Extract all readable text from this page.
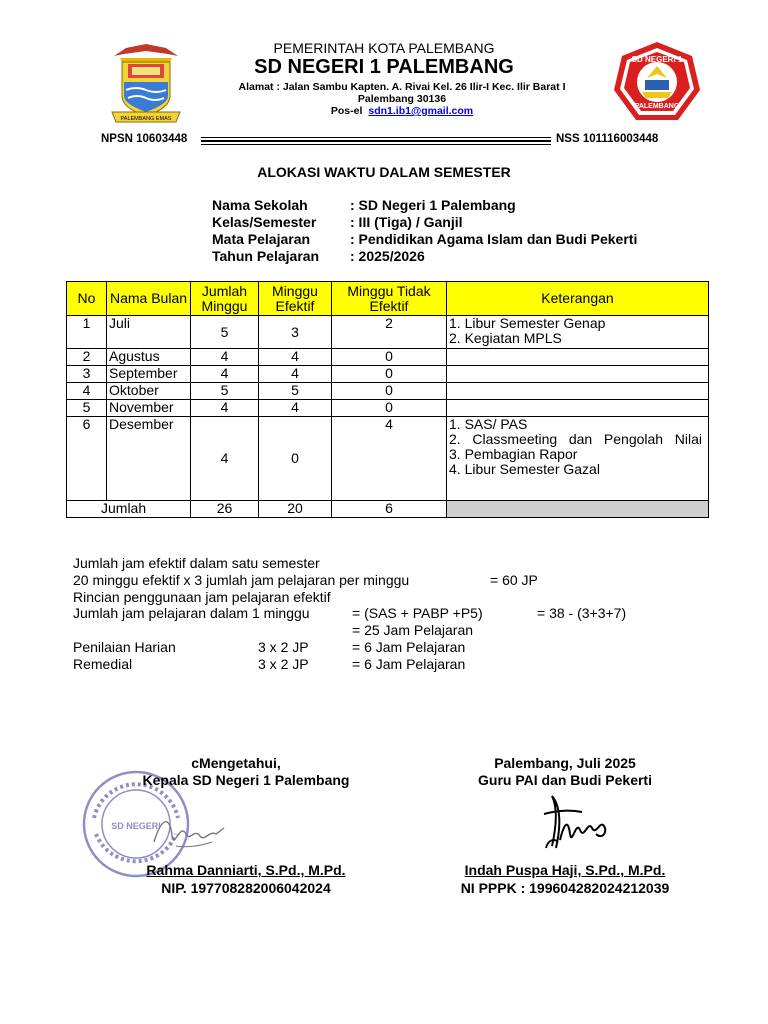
PALEMBANG EMAS
SD NEGERI 1
PALEMBANG
PEMERINTAH KOTA PALEMBANG
SD NEGERI 1 PALEMBANG
Alamat : Jalan Sambu Kapten. A. Rivai Kel. 26 Ilir-I Kec. Ilir Barat I
Palembang 30136
Pos-el sdn1.ib1@gmail.com
NPSN 10603448	NSS 101116003448
ALOKASI WAKTU DALAM SEMESTER
Nama Sekolah	: SD Negeri 1 Palembang
Kelas/Semester : III (Tiga) / Ganjil
Mata Pelajaran	: Pendidikan Agama Islam dan Budi Pekerti
Tahun Pelajaran : 2025/2026
No	Nama Bulan	Jumlah Minggu	Minggu Efektif	Minggu Tidak Efektif	Keterangan
1	Juli	5	3	2	1. Libur Semester Genap
2. Kegiatan MPLS

2	Agustus	4	4	0	
3	September	4	4	0	
4	Oktober	5	5	0	
5	November	4	4	0	
6	Desember	4	0	4	1. SAS/ PAS
2. Classmeeting dan Pengolah Nilai
3. Pembagian Rapor
4. Libur Semester Gazal

Jumlah		26	20	6	
Jumlah jam efektif dalam satu semester
20 minggu efektif x 3 jumlah jam pelajaran per minggu	= 60 JP
Rincian penggunaan jam pelajaran efektif
Jumlah jam pelajaran dalam 1 minggu	= (SAS + PABP +P5)	= 38 - (3+3+7)
= 25 Jam Pelajaran
Penilaian Harian	3 x 2 JP	= 6 Jam Pelajaran
Remedial	3 x 2 JP	= 6 Jam Pelajaran
SD NEGERI
cMengetahui,
Kepala SD Negeri 1 Palembang
Rahma Danniarti, S.Pd., M.Pd.
NIP. 197708282006042024
Palembang, Juli 2025
Guru PAI dan Budi Pekerti
Indah Puspa Haji, S.Pd., M.Pd.
NI PPPK : 199604282024212039
